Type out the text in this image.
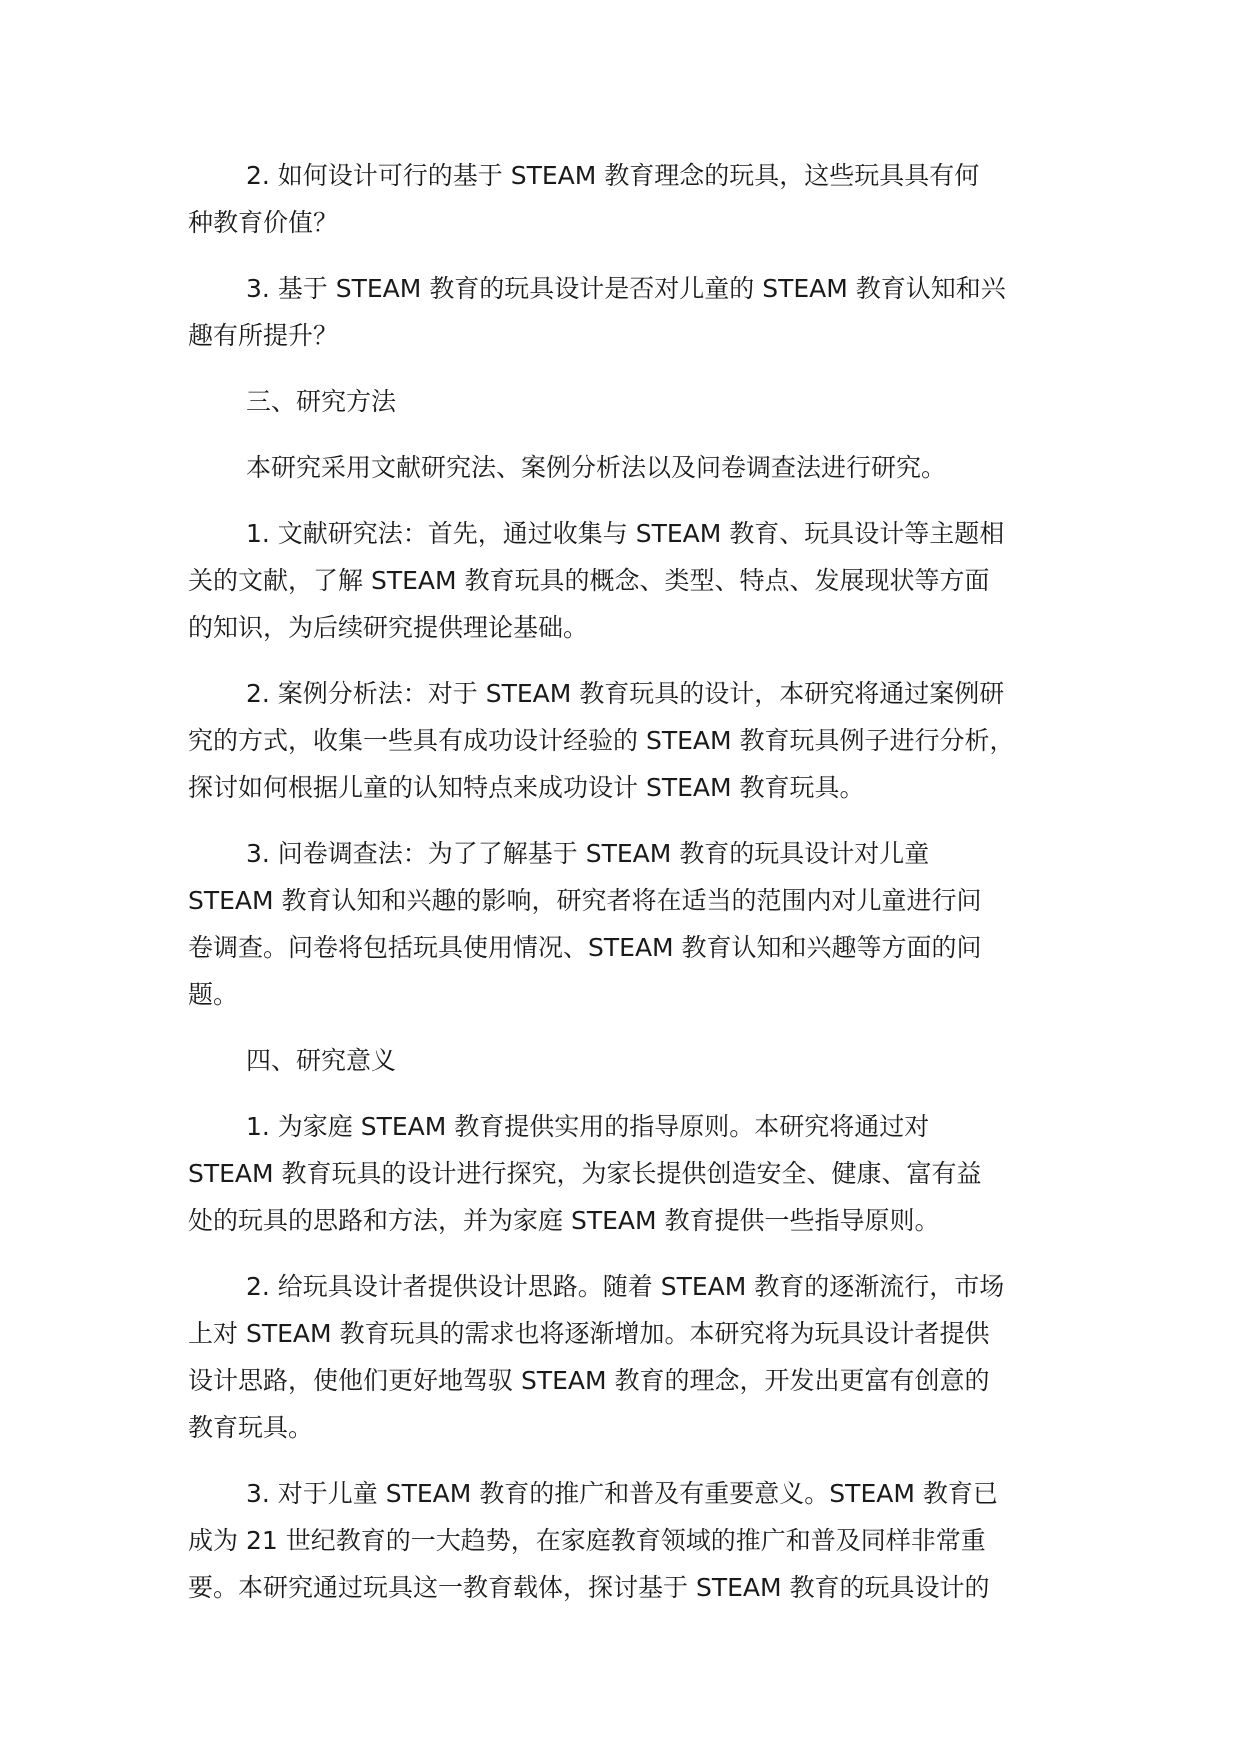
2. 如何设计可行的基于 STEAM 教育理念的玩具，这些玩具具有何
种教育价值？

3. 基于 STEAM 教育的玩具设计是否对儿童的 STEAM 教育认知和兴
趣有所提升？

三、研究方法

本研究采用文献研究法、案例分析法以及问卷调查法进行研究。

1. 文献研究法：首先，通过收集与 STEAM 教育、玩具设计等主题相
关的文献，了解 STEAM 教育玩具的概念、类型、特点、发展现状等方面
的知识，为后续研究提供理论基础。

2. 案例分析法：对于 STEAM 教育玩具的设计，本研究将通过案例研
究的方式，收集一些具有成功设计经验的 STEAM 教育玩具例子进行分析，
探讨如何根据儿童的认知特点来成功设计 STEAM 教育玩具。

3. 问卷调查法：为了了解基于 STEAM 教育的玩具设计对儿童
STEAM 教育认知和兴趣的影响，研究者将在适当的范围内对儿童进行问
卷调查。问卷将包括玩具使用情况、STEAM 教育认知和兴趣等方面的问
题。

四、研究意义

1. 为家庭 STEAM 教育提供实用的指导原则。本研究将通过对
STEAM 教育玩具的设计进行探究，为家长提供创造安全、健康、富有益
处的玩具的思路和方法，并为家庭 STEAM 教育提供一些指导原则。

2. 给玩具设计者提供设计思路。随着 STEAM 教育的逐渐流行，市场
上对 STEAM 教育玩具的需求也将逐渐增加。本研究将为玩具设计者提供
设计思路，使他们更好地驾驭 STEAM 教育的理念，开发出更富有创意的
教育玩具。

3. 对于儿童 STEAM 教育的推广和普及有重要意义。STEAM 教育已
成为 21 世纪教育的一大趋势，在家庭教育领域的推广和普及同样非常重
要。本研究通过玩具这一教育载体，探讨基于 STEAM 教育的玩具设计的
